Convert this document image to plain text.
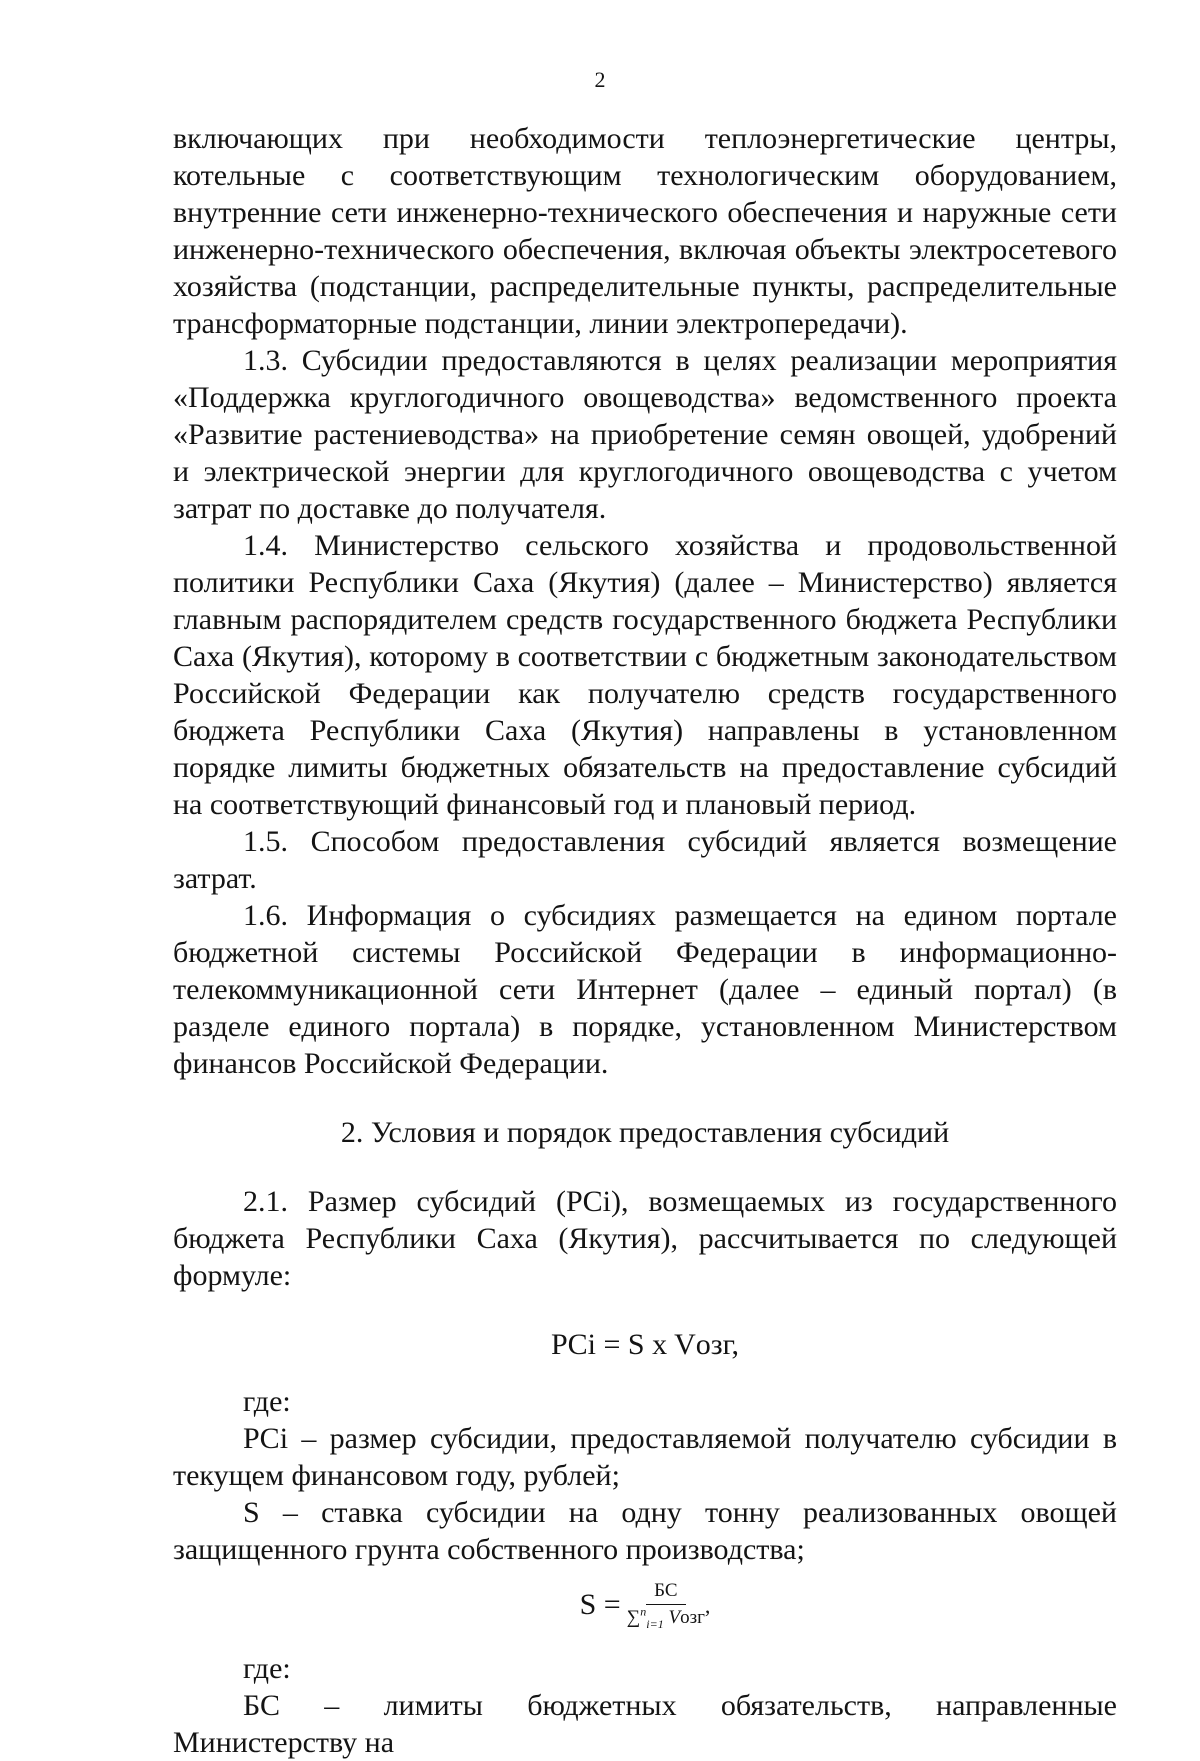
2

включающих при необходимости теплоэнергетические центры, котельные с соответствующим технологическим оборудованием, внутренние сети инженерно-технического обеспечения и наружные сети инженерно-технического обеспечения, включая объекты электросетевого хозяйства (подстанции, распределительные пункты, распределительные трансформаторные подстанции, линии электропередачи).

1.3. Субсидии предоставляются в целях реализации мероприятия «Поддержка круглогодичного овощеводства» ведомственного проекта «Развитие растениеводства» на приобретение семян овощей, удобрений и электрической энергии для круглогодичного овощеводства с учетом затрат по доставке до получателя.

1.4. Министерство сельского хозяйства и продовольственной политики Республики Саха (Якутия) (далее – Министерство) является главным распорядителем средств государственного бюджета Республики Саха (Якутия), которому в соответствии с бюджетным законодательством Российской Федерации как получателю средств государственного бюджета Республики Саха (Якутия) направлены в установленном порядке лимиты бюджетных обязательств на предоставление субсидий на соответствующий финансовый год и плановый период.

1.5. Способом предоставления субсидий является возмещение затрат.

1.6. Информация о субсидиях размещается на едином портале бюджетной системы Российской Федерации в информационно-телекоммуникационной сети Интернет (далее – единый портал) (в разделе единого портала) в порядке, установленном Министерством финансов Российской Федерации.

2. Условия и порядок предоставления субсидий

2.1. Размер субсидий (PCi), возмещаемых из государственного бюджета Республики Саха (Якутия), рассчитывается по следующей формуле:

PCi = S x Vозг,

где:

PCi – размер субсидии, предоставляемой получателю субсидии в текущем финансовом году, рублей;

S – ставка субсидии на одну тонну реализованных овощей защищенного грунта собственного производства;

$S = \frac{БС}{\sum^n_{i=1} Vозг}$ ,

где:

БС – лимиты бюджетных обязательств, направленные Министерству на
